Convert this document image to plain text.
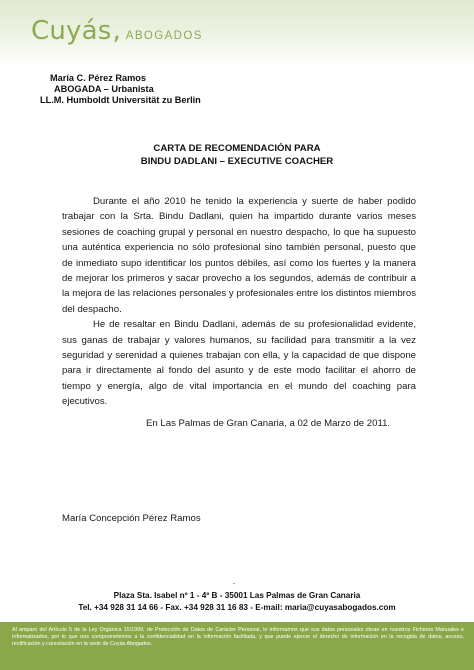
Cuyás, ABOGADOS
María C. Pérez Ramos
ABOGADA – Urbanista
LL.M. Humboldt Universität zu Berlin
CARTA DE RECOMENDACIÓN PARA
BINDU DADLANI – EXECUTIVE COACHER

Durante el año 2010 he tenido la experiencia y suerte de haber podido trabajar con la Srta. Bindu Dadlani, quien ha impartido durante varios meses sesiones de coaching grupal y personal en nuestro despacho, lo que ha supuesto una auténtica experiencia no sólo profesional sino también personal, puesto que de inmediato supo identificar los puntos débiles, así como los fuertes y la manera de mejorar los primeros y sacar provecho a los segundos, además de contribuir a la mejora de las relaciones personales y profesionales entre los distintos miembros del despacho.

He de resaltar en Bindu Dadlani, además de su profesionalidad evidente, sus ganas de trabajar y valores humanos, su facilidad para transmitir a la vez seguridad y serenidad a quienes trabajan con ella, y la capacidad de que dispone para ir directamente al fondo del asunto y de este modo facilitar el ahorro de tiempo y energía, algo de vital importancia en el mundo del coaching para ejecutivos.

En Las Palmas de Gran Canaria, a 02 de Marzo de 2011.
María Concepción Pérez Ramos
-
Plaza Sta. Isabel nº 1 - 4º B - 35001 Las Palmas de Gran Canaria
Tel. +34 928 31 14 66 - Fax. +34 928 31 16 83 - E-mail: maria@cuyasabogados.com
Al amparo del Artículo 5 de la Ley Orgánica 15/1999, de Protección de Datos de Carácter Personal, le informamos que sus datos personales obran en nuestros Ficheros Manuales e Informatizados, por lo que nos comprometemos a la confidencialidad en la información facilitada, y que puede ejercer el derecho de información en la recogida de datos, acceso, rectificación y cancelación en la sede de Cuyás Abogados.
